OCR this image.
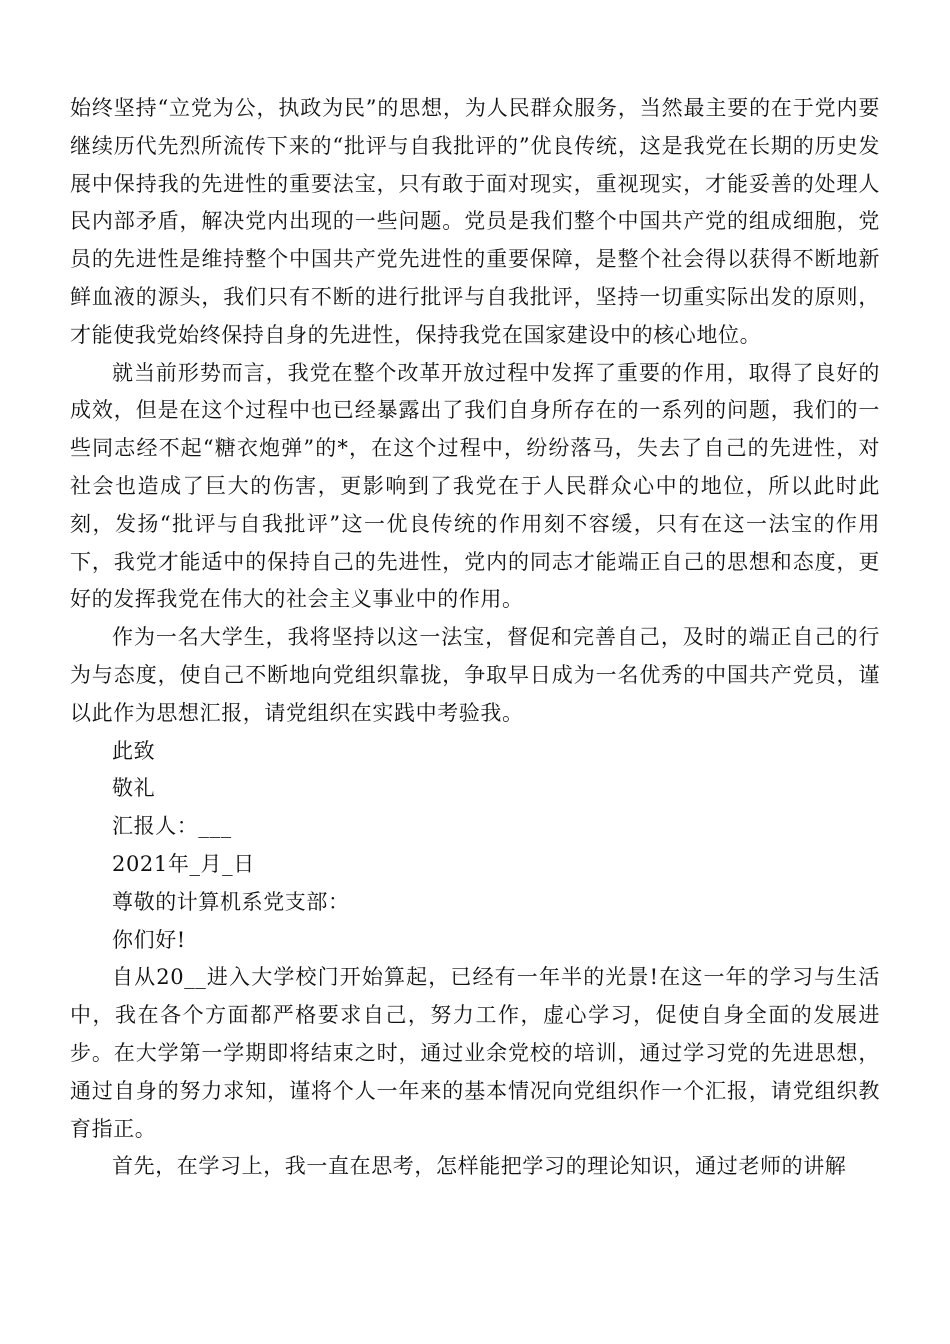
始终坚持“立党为公，执政为民”的思想，为人民群众服务，当然最主要的在于党内要继续历代先烈所流传下来的“批评与自我批评的”优良传统，这是我党在长期的历史发展中保持我的先进性的重要法宝，只有敢于面对现实，重视现实，才能妥善的处理人民内部矛盾，解决党内出现的一些问题。党员是我们整个中国共产党的组成细胞，党员的先进性是维持整个中国共产党先进性的重要保障，是整个社会得以获得不断地新鲜血液的源头，我们只有不断的进行批评与自我批评，坚持一切重实际出发的原则，才能使我党始终保持自身的先进性，保持我党在国家建设中的核心地位。

就当前形势而言，我党在整个改革开放过程中发挥了重要的作用，取得了良好的成效，但是在这个过程中也已经暴露出了我们自身所存在的一系列的问题，我们的一些同志经不起“糖衣炮弹”的*，在这个过程中，纷纷落马，失去了自己的先进性，对社会也造成了巨大的伤害，更影响到了我党在于人民群众心中的地位，所以此时此刻，发扬“批评与自我批评”这一优良传统的作用刻不容缓，只有在这一法宝的作用下，我党才能适中的保持自己的先进性，党内的同志才能端正自己的思想和态度，更好的发挥我党在伟大的社会主义事业中的作用。

作为一名大学生，我将坚持以这一法宝，督促和完善自己，及时的端正自己的行为与态度，使自己不断地向党组织靠拢，争取早日成为一名优秀的中国共产党员，谨以此作为思想汇报，请党组织在实践中考验我。

此致

敬礼

汇报人：___

2021年_月_日

尊敬的计算机系党支部：

你们好!

自从20__进入大学校门开始算起，已经有一年半的光景!在这一年的学习与生活中，我在各个方面都严格要求自己，努力工作，虚心学习，促使自身全面的发展进步。在大学第一学期即将结束之时，通过业余党校的培训，通过学习党的先进思想，通过自身的努力求知，谨将个人一年来的基本情况向党组织作一个汇报，请党组织教育指正。

首先，在学习上，我一直在思考，怎样能把学习的理论知识，通过老师的讲解
